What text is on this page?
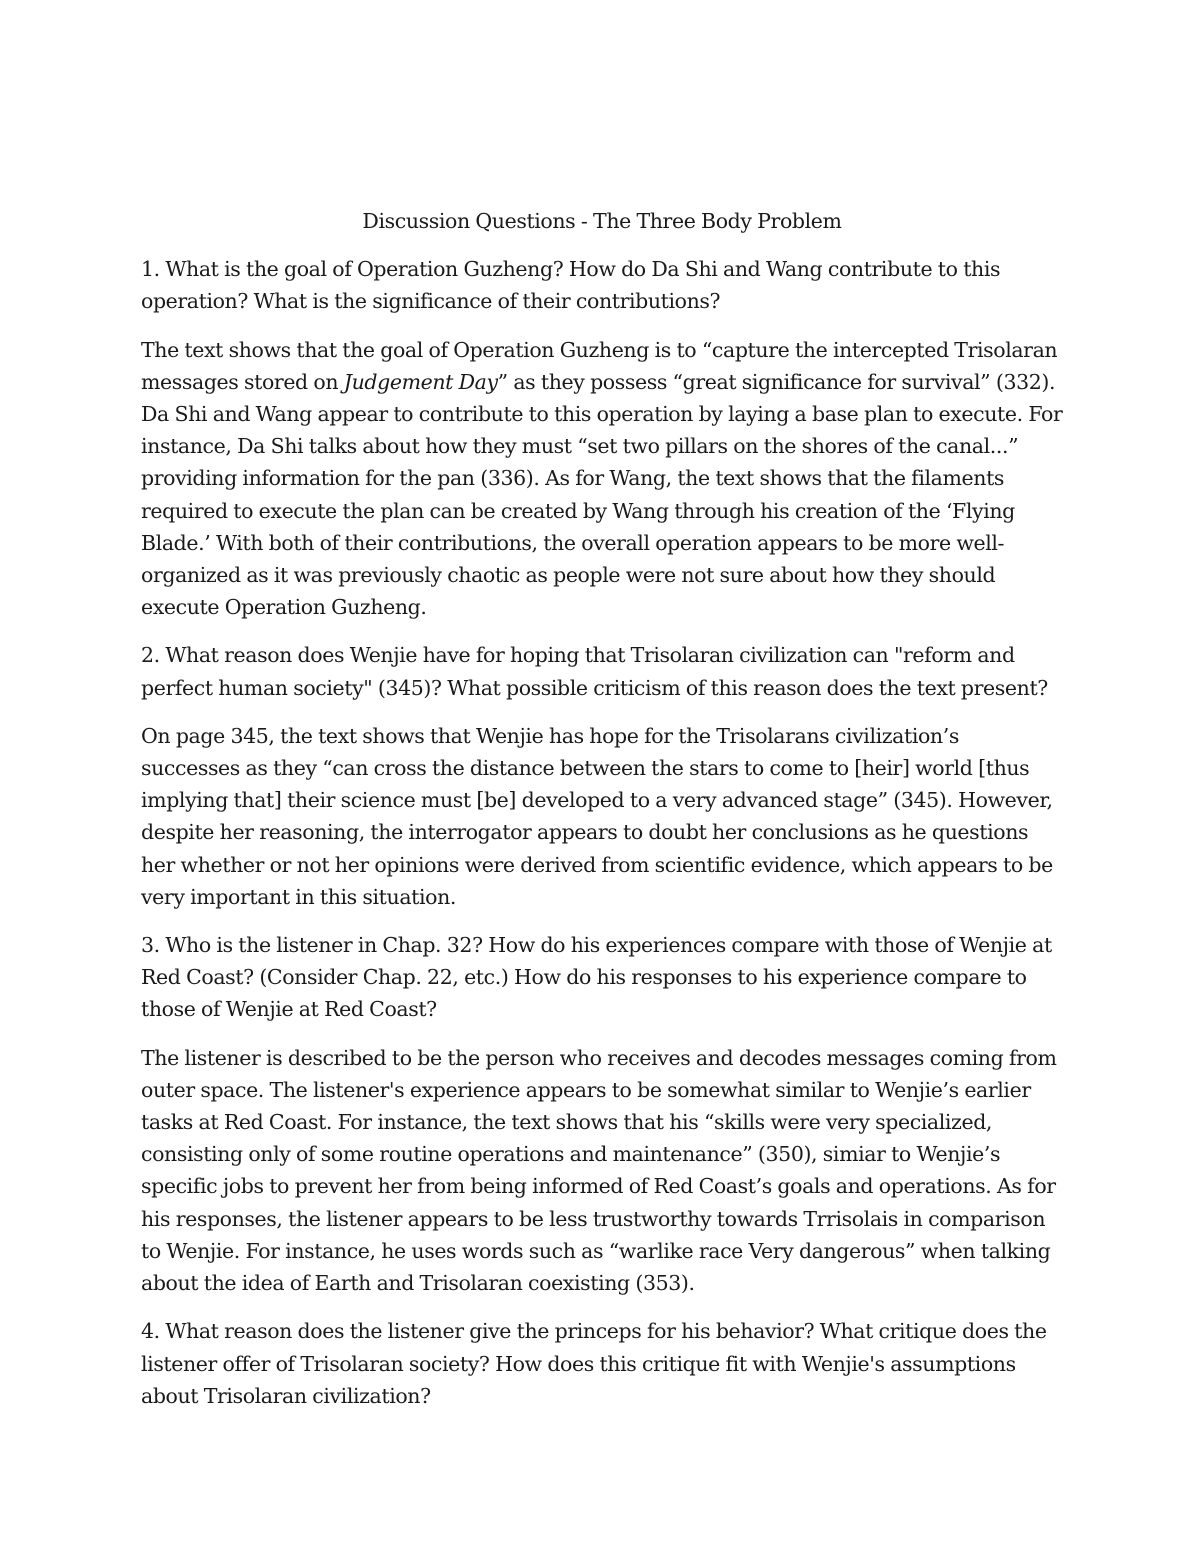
Discussion Questions - The Three Body Problem

1. What is the goal of Operation Guzheng? How do Da Shi and Wang contribute to this operation? What is the significance of their contributions?

The text shows that the goal of Operation Guzheng is to “capture the intercepted Trisolaran messages stored on Judgement Day” as they possess “great significance for survival” (332). Da Shi and Wang appear to contribute to this operation by laying a base plan to execute. For instance, Da Shi talks about how they must “set two pillars on the shores of the canal...” providing information for the pan (336). As for Wang, the text shows that the filaments required to execute the plan can be created by Wang through his creation of the ‘Flying Blade.’ With both of their contributions, the overall operation appears to be more well-organized as it was previously chaotic as people were not sure about how they should execute Operation Guzheng.

2. What reason does Wenjie have for hoping that Trisolaran civilization can "reform and perfect human society" (345)? What possible criticism of this reason does the text present?

On page 345, the text shows that Wenjie has hope for the Trisolarans civilization’s successes as they “can cross the distance between the stars to come to [heir] world [thus implying that] their science must [be] developed to a very advanced stage” (345). However, despite her reasoning, the interrogator appears to doubt her conclusions as he questions her whether or not her opinions were derived from scientific evidence, which appears to be very important in this situation.

3. Who is the listener in Chap. 32? How do his experiences compare with those of Wenjie at Red Coast? (Consider Chap. 22, etc.) How do his responses to his experience compare to those of Wenjie at Red Coast?

The listener is described to be the person who receives and decodes messages coming from outer space. The listener's experience appears to be somewhat similar to Wenjie’s earlier tasks at Red Coast. For instance, the text shows that his “skills were very specialized, consisting only of some routine operations and maintenance” (350), simiar to Wenjie’s specific jobs to prevent her from being informed of Red Coast’s goals and operations. As for his responses, the listener appears to be less trustworthy towards Trrisolais in comparison to Wenjie. For instance, he uses words such as “warlike race Very dangerous” when talking about the idea of Earth and Trisolaran coexisting (353).

4. What reason does the listener give the princeps for his behavior? What critique does the listener offer of Trisolaran society? How does this critique fit with Wenjie's assumptions about Trisolaran civilization?
